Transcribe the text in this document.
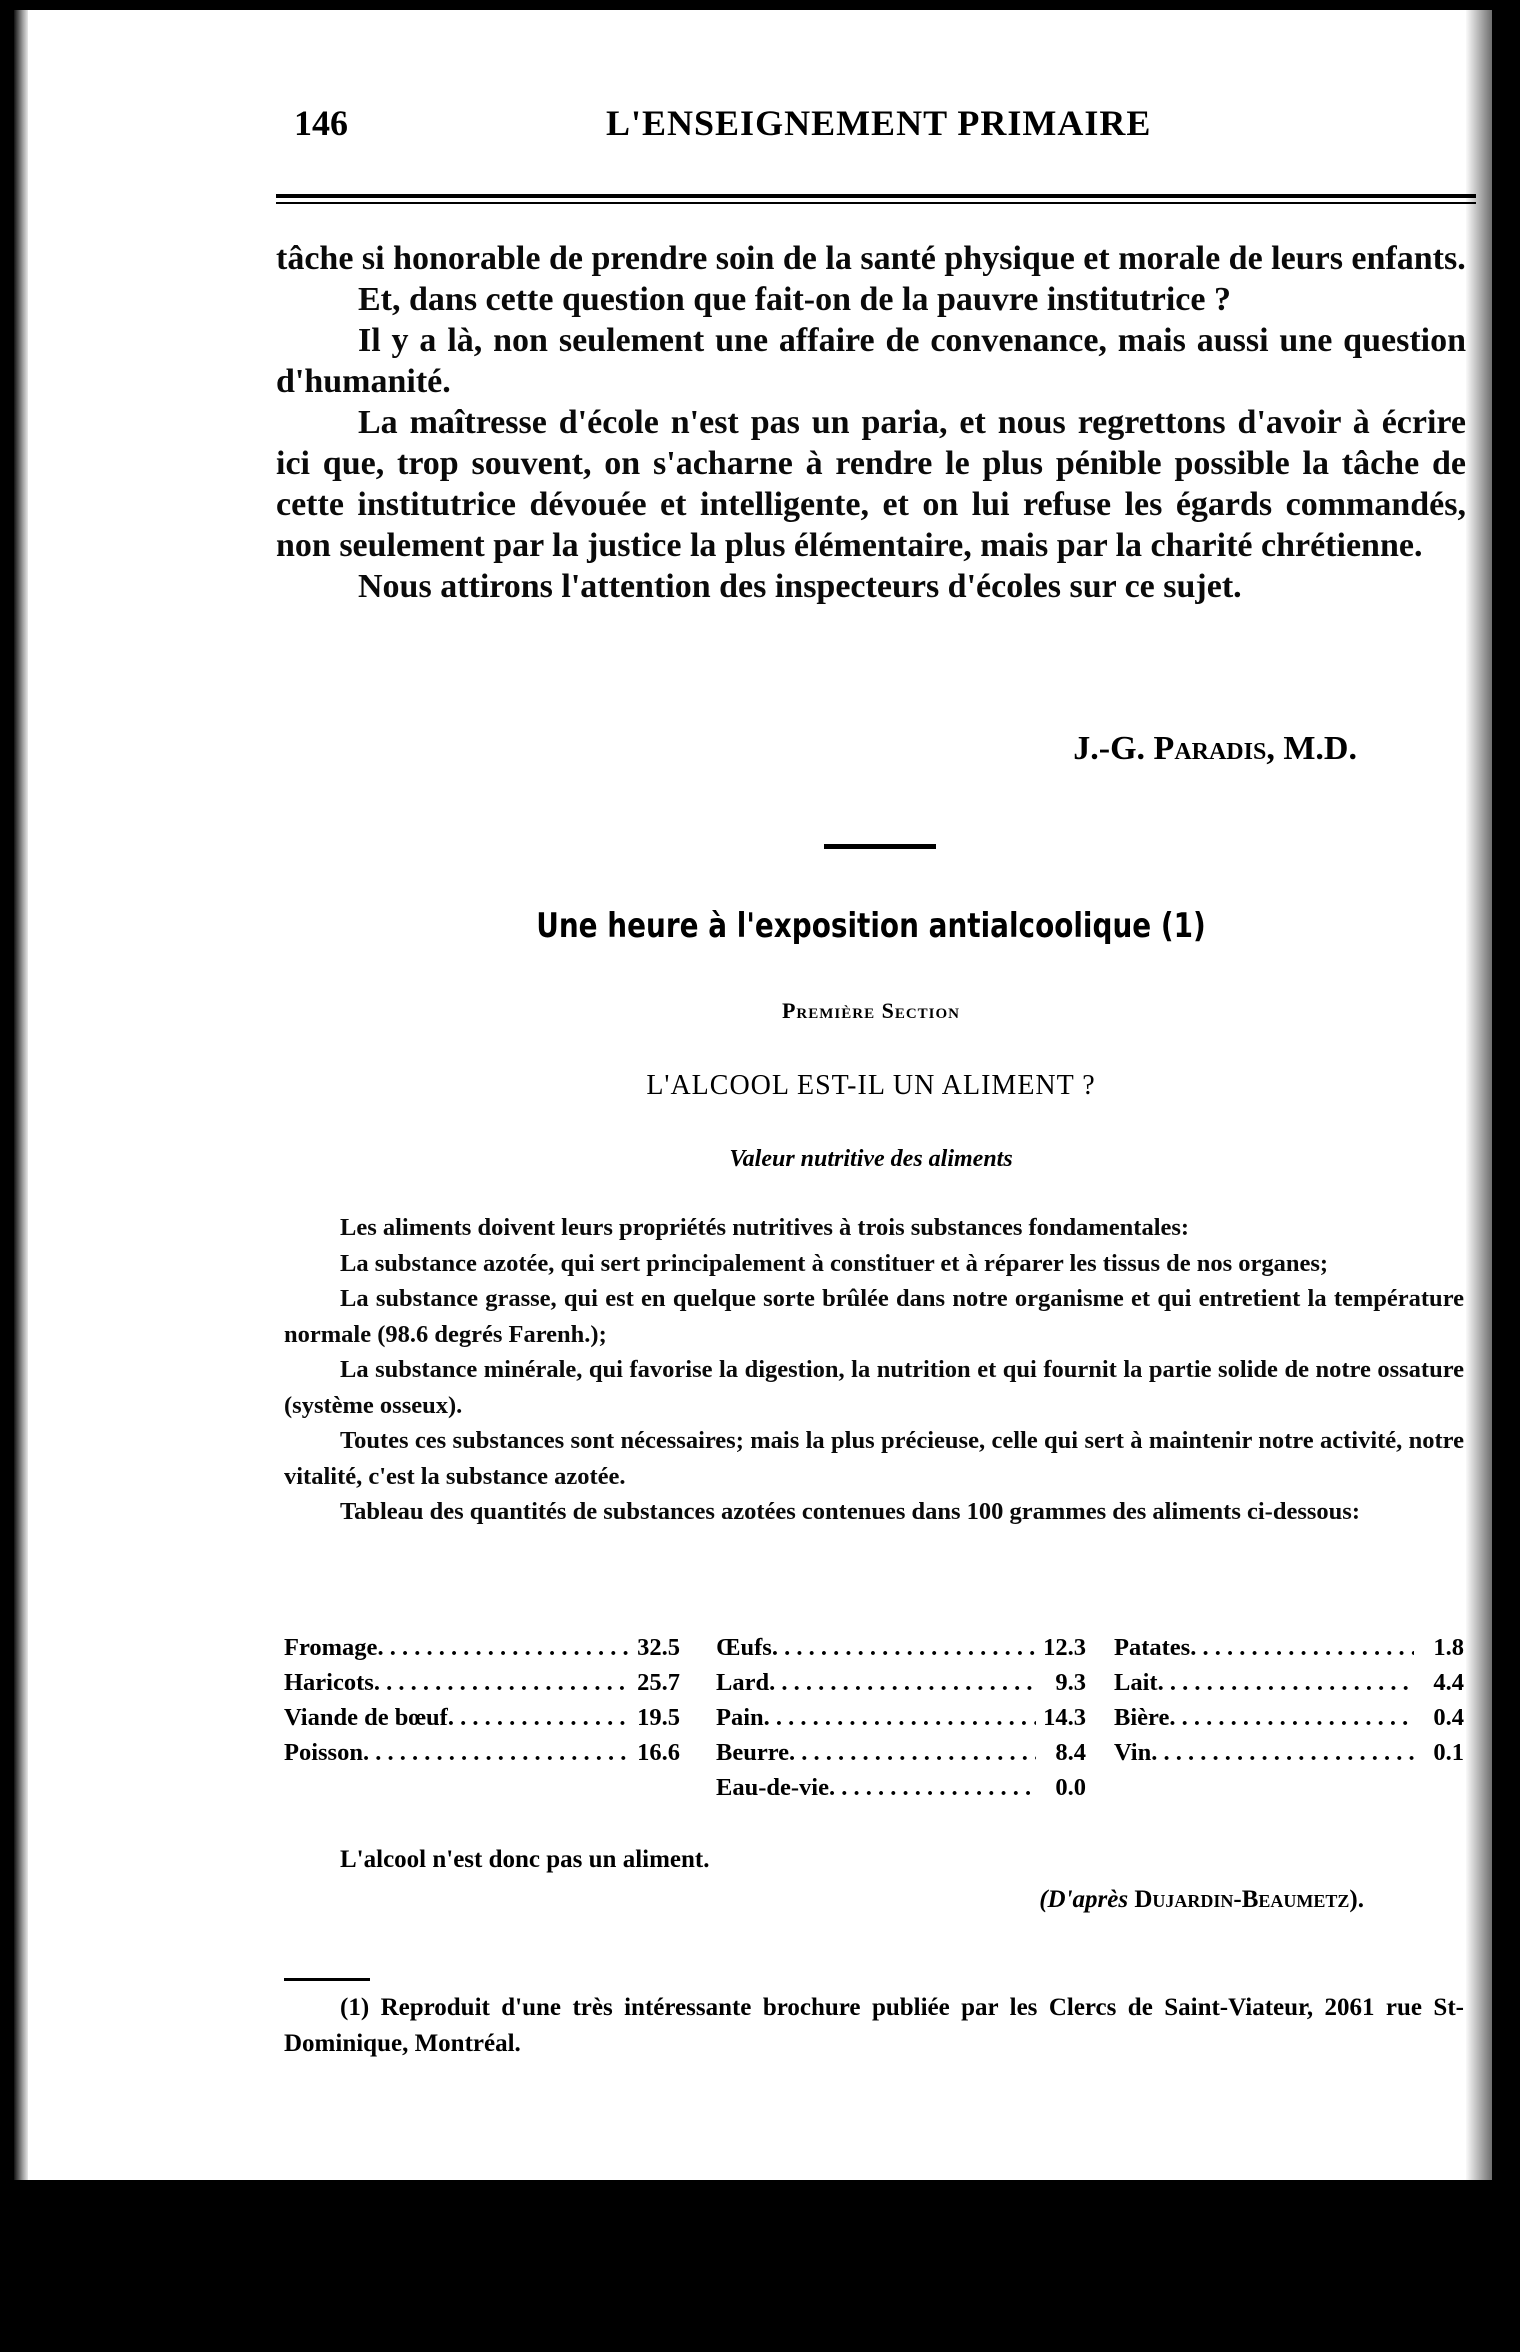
146	L'ENSEIGNEMENT PRIMAIRE

tâche si honorable de prendre soin de la santé physique et morale de leurs enfants.

Et, dans cette question que fait-on de la pauvre institutrice ?

Il y a là, non seulement une affaire de convenance, mais aussi une question d'humanité.

La maîtresse d'école n'est pas un paria, et nous regrettons d'avoir à écrire ici que, trop souvent, on s'acharne à rendre le plus pénible possible la tâche de cette institutrice dévouée et intelligente, et on lui refuse les égards commandés, non seulement par la justice la plus élémentaire, mais par la charité chrétienne.

Nous attirons l'attention des inspecteurs d'écoles sur ce sujet.

J.-G. Paradis, M.D.
Une heure à l'exposition antialcoolique (1)
Première Section
L'ALCOOL EST-IL UN ALIMENT ?
Valeur nutritive des aliments

Les aliments doivent leurs propriétés nutritives à trois substances fondamentales:

La substance azotée, qui sert principalement à constituer et à réparer les tissus de nos organes;

La substance grasse, qui est en quelque sorte brûlée dans notre organisme et qui entretient la température normale (98.6 degrés Farenh.);

La substance minérale, qui favorise la digestion, la nutrition et qui fournit la partie solide de notre ossature (système osseux).

Toutes ces substances sont nécessaires; mais la plus précieuse, celle qui sert à maintenir notre activité, notre vitalité, c'est la substance azotée.

Tableau des quantités de substances azotées contenues dans 100 grammes des aliments ci-dessous:

Fromage . . .	32.5
Haricots . . .	25.7
Viande de bœuf . . .	19.5
Poisson . . .	16.6
Œufs . . .	12.3
Lard . . .	9.3
Pain . . .	14.3
Beurre . . .	8.4
Eau-de-vie . . .	0.0
Patates . . .	1.8
Lait . . .	4.4
Bière . . .	0.4
Vin . . .	0.1
L'alcool n'est donc pas un aliment.
(D'après Dujardin-Beaumetz).

(1) Reproduit d'une très intéressante brochure publiée par les Clercs de Saint-Viateur, 2061 rue St-Dominique, Montréal.
